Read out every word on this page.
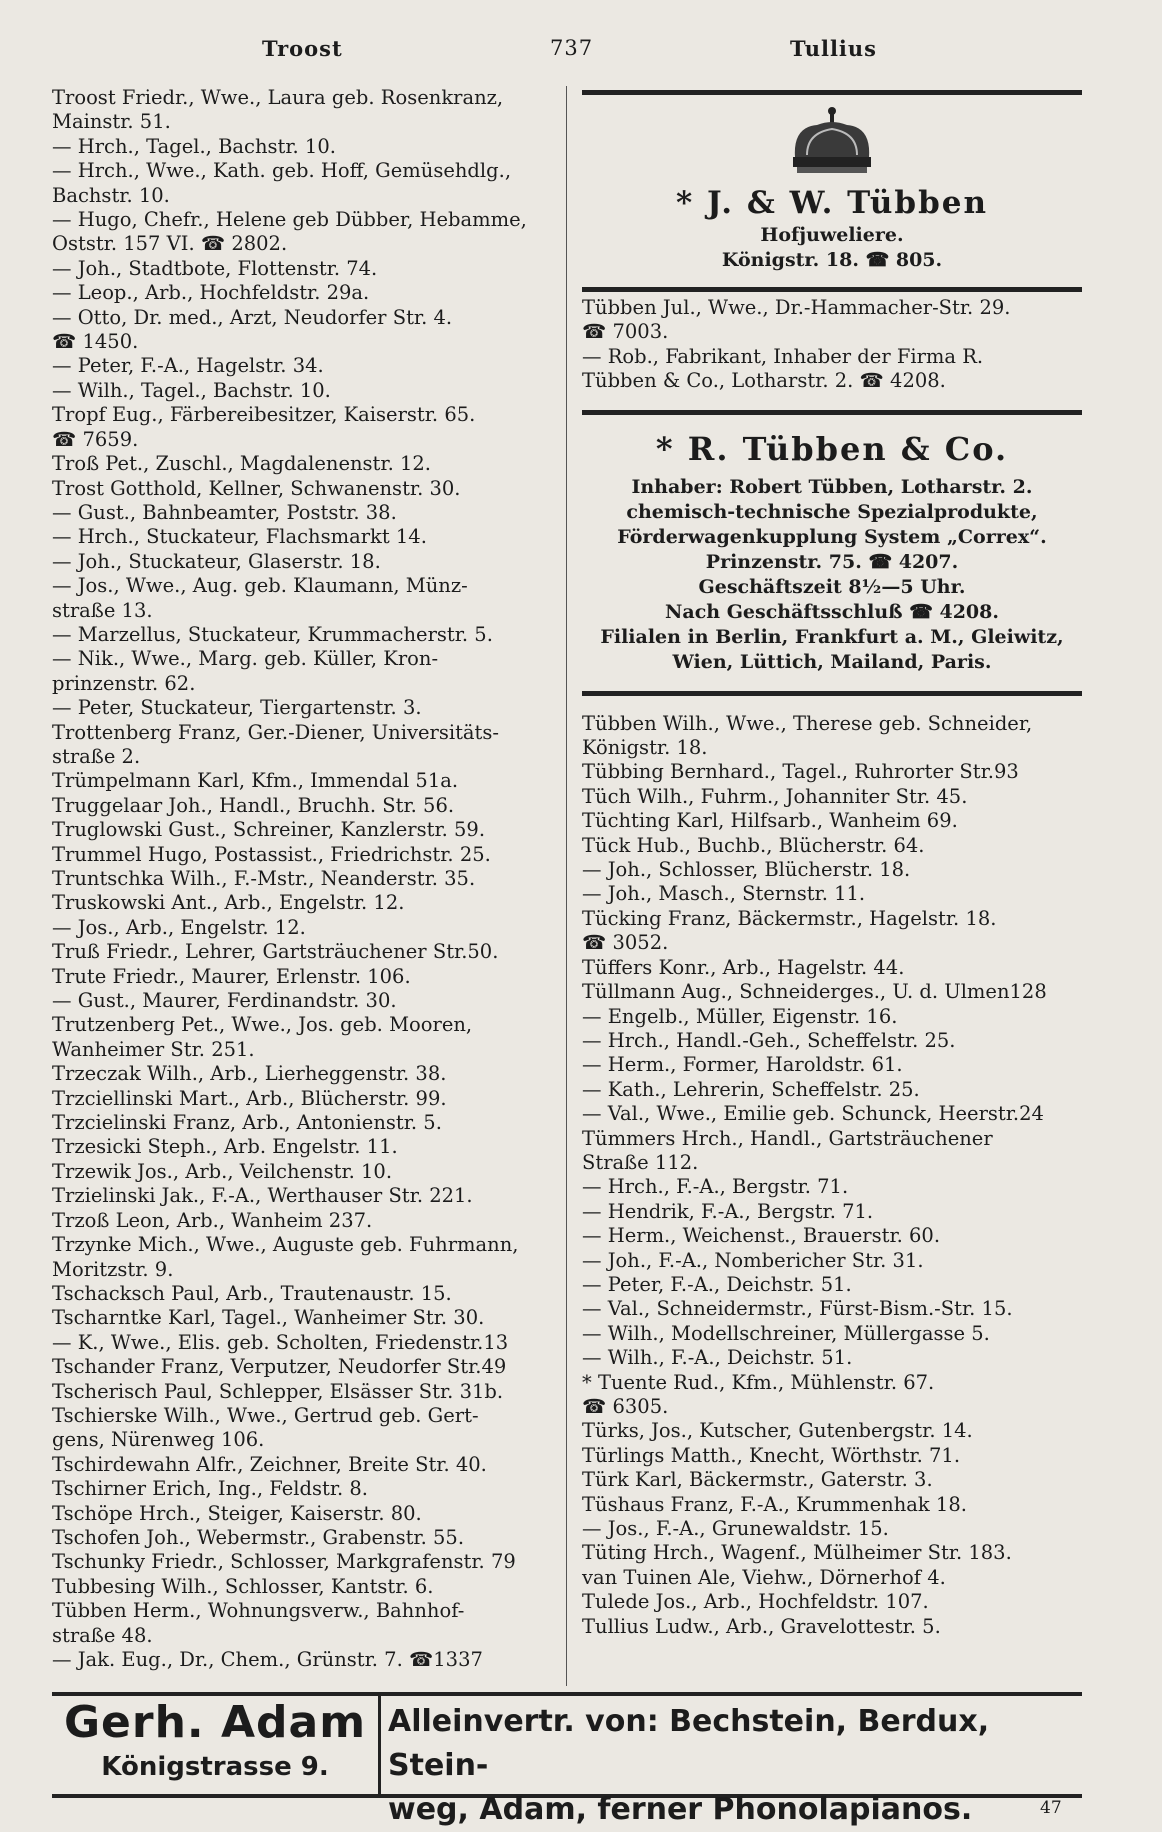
Troost	737	Tullius
Troost Friedr., Wwe., Laura geb. Rosenkranz,
Mainstr. 51.
— Hrch., Tagel., Bachstr. 10.
— Hrch., Wwe., Kath. geb. Hoff, Gemüsehdlg.,
Bachstr. 10.
— Hugo, Chefr., Helene geb Dübber, Hebamme,
Oststr. 157 VI. ☎ 2802.
— Joh., Stadtbote, Flottenstr. 74.
— Leop., Arb., Hochfeldstr. 29a.
— Otto, Dr. med., Arzt, Neudorfer Str. 4.
☎ 1450.
— Peter, F.-A., Hagelstr. 34.
— Wilh., Tagel., Bachstr. 10.
Tropf Eug., Färbereibesitzer, Kaiserstr. 65.
☎ 7659.
Troß Pet., Zuschl., Magdalenenstr. 12.
Trost Gotthold, Kellner, Schwanenstr. 30.
— Gust., Bahnbeamter, Poststr. 38.
— Hrch., Stuckateur, Flachsmarkt 14.
— Joh., Stuckateur, Glaserstr. 18.
— Jos., Wwe., Aug. geb. Klaumann, Münz-
straße 13.
— Marzellus, Stuckateur, Krummacherstr. 5.
— Nik., Wwe., Marg. geb. Küller, Kron-
prinzenstr. 62.
— Peter, Stuckateur, Tiergartenstr. 3.
Trottenberg Franz, Ger.-Diener, Universitäts-
straße 2.
Trümpelmann Karl, Kfm., Immendal 51a.
Truggelaar Joh., Handl., Bruchh. Str. 56.
Truglowski Gust., Schreiner, Kanzlerstr. 59.
Trummel Hugo, Postassist., Friedrichstr. 25.
Truntschka Wilh., F.-Mstr., Neanderstr. 35.
Truskowski Ant., Arb., Engelstr. 12.
— Jos., Arb., Engelstr. 12.
Truß Friedr., Lehrer, Gartsträuchener Str.50.
Trute Friedr., Maurer, Erlenstr. 106.
— Gust., Maurer, Ferdinandstr. 30.
Trutzenberg Pet., Wwe., Jos. geb. Mooren,
Wanheimer Str. 251.
Trzeczak Wilh., Arb., Lierheggenstr. 38.
Trzciellinski Mart., Arb., Blücherstr. 99.
Trzcielinski Franz, Arb., Antonienstr. 5.
Trzesicki Steph., Arb. Engelstr. 11.
Trzewik Jos., Arb., Veilchenstr. 10.
Trzielinski Jak., F.-A., Werthauser Str. 221.
Trzoß Leon, Arb., Wanheim 237.
Trzynke Mich., Wwe., Auguste geb. Fuhrmann,
Moritzstr. 9.
Tschacksch Paul, Arb., Trautenaustr. 15.
Tscharntke Karl, Tagel., Wanheimer Str. 30.
— K., Wwe., Elis. geb. Scholten, Friedenstr.13
Tschander Franz, Verputzer, Neudorfer Str.49
Tscherisch Paul, Schlepper, Elsässer Str. 31b.
Tschierske Wilh., Wwe., Gertrud geb. Gert-
gens, Nürenweg 106.
Tschirdewahn Alfr., Zeichner, Breite Str. 40.
Tschirner Erich, Ing., Feldstr. 8.
Tschöpe Hrch., Steiger, Kaiserstr. 80.
Tschofen Joh., Webermstr., Grabenstr. 55.
Tschunky Friedr., Schlosser, Markgrafenstr. 79
Tubbesing Wilh., Schlosser, Kantstr. 6.
Tübben Herm., Wohnungsverw., Bahnhof-
straße 48.
— Jak. Eug., Dr., Chem., Grünstr. 7. ☎1337
* J. & W. Tübben
Hofjuweliere.
Königstr. 18. ☎ 805.
Tübben Jul., Wwe., Dr.-Hammacher-Str. 29.
☎ 7003.
— Rob., Fabrikant, Inhaber der Firma R.
Tübben & Co., Lotharstr. 2. ☎ 4208.
* R. Tübben & Co.
Inhaber: Robert Tübben, Lotharstr. 2.
chemisch-technische Spezialprodukte,
Förderwagenkupplung System „Correx“.
Prinzenstr. 75. ☎ 4207.
Geschäftszeit 8½—5 Uhr.
Nach Geschäftsschluß ☎ 4208.
Filialen in Berlin, Frankfurt a. M., Gleiwitz,
Wien, Lüttich, Mailand, Paris.
Tübben Wilh., Wwe., Therese geb. Schneider,
Königstr. 18.
Tübbing Bernhard., Tagel., Ruhrorter Str.93
Tüch Wilh., Fuhrm., Johanniter Str. 45.
Tüchting Karl, Hilfsarb., Wanheim 69.
Tück Hub., Buchb., Blücherstr. 64.
— Joh., Schlosser, Blücherstr. 18.
— Joh., Masch., Sternstr. 11.
Tücking Franz, Bäckermstr., Hagelstr. 18.
☎ 3052.
Tüffers Konr., Arb., Hagelstr. 44.
Tüllmann Aug., Schneiderges., U. d. Ulmen128
— Engelb., Müller, Eigenstr. 16.
— Hrch., Handl.-Geh., Scheffelstr. 25.
— Herm., Former, Haroldstr. 61.
— Kath., Lehrerin, Scheffelstr. 25.
— Val., Wwe., Emilie geb. Schunck, Heerstr.24
Tümmers Hrch., Handl., Gartsträuchener
Straße 112.
— Hrch., F.-A., Bergstr. 71.
— Hendrik, F.-A., Bergstr. 71.
— Herm., Weichenst., Brauerstr. 60.
— Joh., F.-A., Nombericher Str. 31.
— Peter, F.-A., Deichstr. 51.
— Val., Schneidermstr., Fürst-Bism.-Str. 15.
— Wilh., Modellschreiner, Müllergasse 5.
— Wilh., F.-A., Deichstr. 51.
* Tuente Rud., Kfm., Mühlenstr. 67.
☎ 6305.
Türks, Jos., Kutscher, Gutenbergstr. 14.
Türlings Matth., Knecht, Wörthstr. 71.
Türk Karl, Bäckermstr., Gaterstr. 3.
Tüshaus Franz, F.-A., Krummenhak 18.
— Jos., F.-A., Grunewaldstr. 15.
Tüting Hrch., Wagenf., Mülheimer Str. 183.
van Tuinen Ale, Viehw., Dörnerhof 4.
Tulede Jos., Arb., Hochfeldstr. 107.
Tullius Ludw., Arb., Gravelottestr. 5.
Gerh. Adam
Königstrasse 9.
Alleinvertr. von: Bechstein, Berdux, Stein-
weg, Adam, ferner Phonolapianos.	47
